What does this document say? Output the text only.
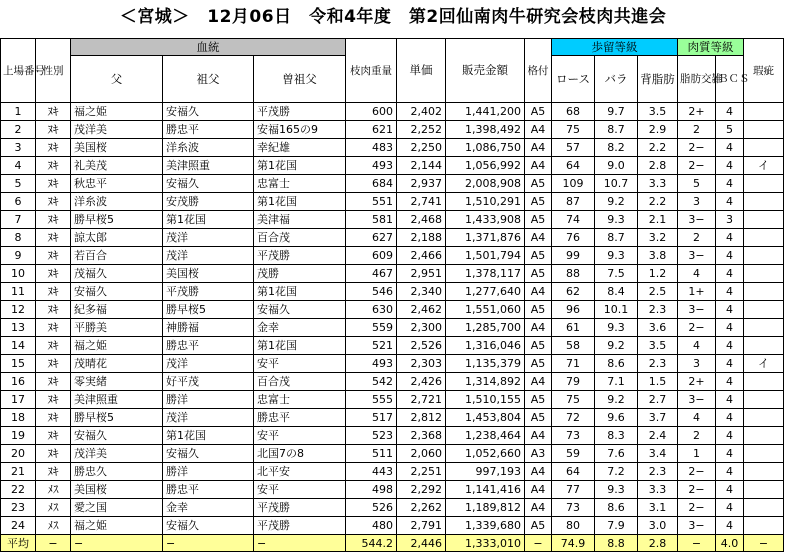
＜宮城＞　12月06日　令和4年度　第2回仙南肉牛研究会枝肉共進会
上場番号	性別	血統			枝肉重量	単価	販売金額	格付	歩留等級			肉質等級		瑕疵
		父	祖父	曽祖父					ロース	バラ	背脂肪	脂肪交雑	ＢＣＳ	
1	ﾇｷ	福之姫	安福久	平茂勝	600	2,402	1,441,200	A5	68	9.7	3.5	2+	4	
2	ﾇｷ	茂洋美	勝忠平	安福165の9	621	2,252	1,398,492	A4	75	8.7	2.9	2	5	
3	ﾇｷ	美国桜	洋糸波	幸紀雄	483	2,250	1,086,750	A4	57	8.2	2.2	2−	4	
4	ﾇｷ	礼美茂	美津照重	第1花国	493	2,144	1,056,992	A4	64	9.0	2.8	2−	4	イ
5	ﾇｷ	秋忠平	安福久	忠富士	684	2,937	2,008,908	A5	109	10.7	3.3	5	4	
6	ﾇｷ	洋糸波	安茂勝	第1花国	551	2,741	1,510,291	A5	87	9.2	2.2	3	4	
7	ﾇｷ	勝早桜5	第1花国	美津福	581	2,468	1,433,908	A5	74	9.3	2.1	3−	3	
8	ﾇｷ	諒太郎	茂洋	百合茂	627	2,188	1,371,876	A4	76	8.7	3.2	2	4	
9	ﾇｷ	若百合	茂洋	平茂勝	609	2,466	1,501,794	A5	99	9.3	3.8	3−	4	
10	ﾇｷ	茂福久	美国桜	茂勝	467	2,951	1,378,117	A5	88	7.5	1.2	4	4	
11	ﾇｷ	安福久	平茂勝	第1花国	546	2,340	1,277,640	A4	62	8.4	2.5	1+	4	
12	ﾇｷ	紀多福	勝早桜5	安福久	630	2,462	1,551,060	A5	96	10.1	2.3	3−	4	
13	ﾇｷ	平勝美	神勝福	金幸	559	2,300	1,285,700	A4	61	9.3	3.6	2−	4	
14	ﾇｷ	福之姫	勝忠平	第1花国	521	2,526	1,316,046	A5	58	9.2	3.5	4	4	
15	ﾇｷ	茂晴花	茂洋	安平	493	2,303	1,135,379	A5	71	8.6	2.3	3	4	イ
16	ﾇｷ	零実緒	好平茂	百合茂	542	2,426	1,314,892	A4	79	7.1	1.5	2+	4	
17	ﾇｷ	美津照重	勝洋	忠富士	555	2,721	1,510,155	A5	75	9.2	2.7	3−	4	
18	ﾇｷ	勝早桜5	茂洋	勝忠平	517	2,812	1,453,804	A5	72	9.6	3.7	4	4	
19	ﾇｷ	安福久	第1花国	安平	523	2,368	1,238,464	A4	73	8.3	2.4	2	4	
20	ﾇｷ	茂洋美	安福久	北国7の8	511	2,060	1,052,660	A3	59	7.6	3.4	1	4	
21	ﾇｷ	勝忠久	勝洋	北平安	443	2,251	997,193	A4	64	7.2	2.3	2−	4	
22	ﾒｽ	美国桜	勝忠平	安平	498	2,292	1,141,416	A4	77	9.3	3.3	2−	4	
23	ﾒｽ	愛之国	金幸	平茂勝	526	2,262	1,189,812	A4	73	8.6	3.1	2−	4	
24	ﾒｽ	福之姫	安福久	平茂勝	480	2,791	1,339,680	A5	80	7.9	3.0	3−	4	
平均	−	−	−	−	544.2	2,446	1,333,010	−	74.9	8.8	2.8	−	4.0	−
